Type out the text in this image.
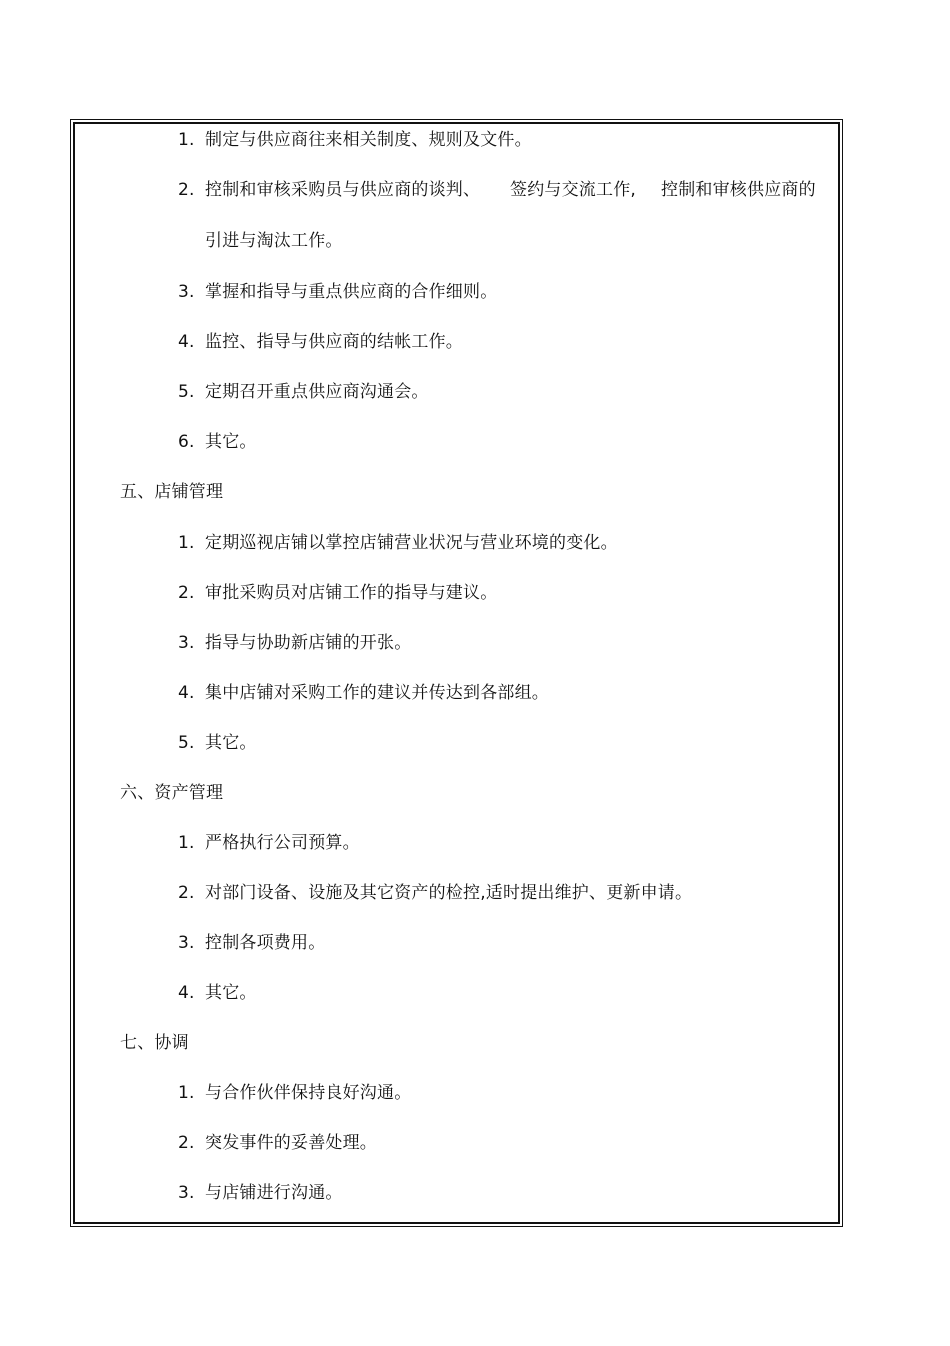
1. 制定与供应商往来相关制度、规则及文件。
2. 控制和审核采购员与供应商的谈判、 签约与交流工作, 控制和审核供应商的
引进与淘汰工作。
3. 掌握和指导与重点供应商的合作细则。
4. 监控、指导与供应商的结帐工作。
5. 定期召开重点供应商沟通会。
6. 其它。
五、店铺管理
1. 定期巡视店铺以掌控店铺营业状况与营业环境的变化。
2. 审批采购员对店铺工作的指导与建议。
3. 指导与协助新店铺的开张。
4. 集中店铺对采购工作的建议并传达到各部组。
5. 其它。
六、资产管理
1. 严格执行公司预算。
2. 对部门设备、设施及其它资产的检控,适时提出维护、更新申请。
3. 控制各项费用。
4. 其它。
七、协调
1. 与合作伙伴保持良好沟通。
2. 突发事件的妥善处理。
3. 与店铺进行沟通。
